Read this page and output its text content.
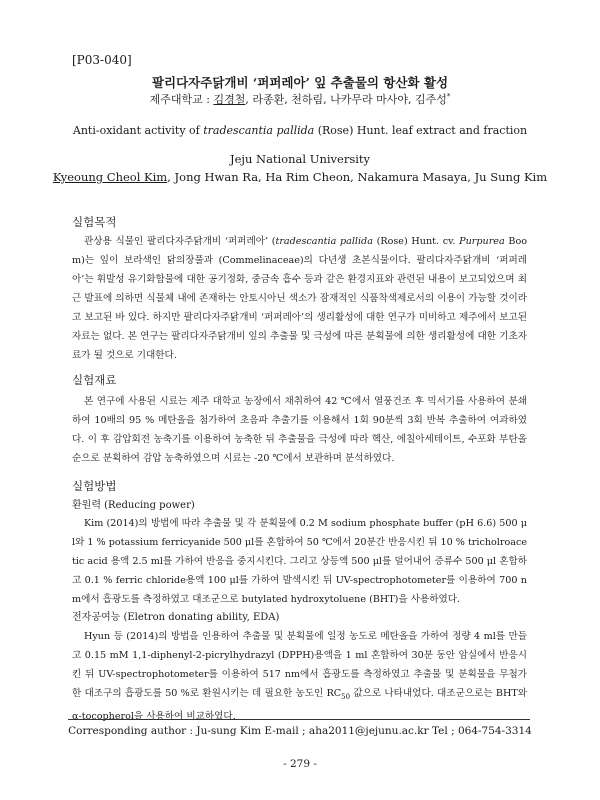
[P03-040]
팔리다자주닭개비 ‘퍼퍼레아’ 잎 추출물의 항산화 활성
제주대학교 : 김경철, 라종환, 천하림, 나카무라 마사야, 김주성*
Anti-oxidant activity of tradescantia pallida (Rose) Hunt. leaf extract and fraction
Jeju National University
Kyeoung Cheol Kim, Jong Hwan Ra, Ha Rim Cheon, Nakamura Masaya, Ju Sung Kim
실험목적
관상용 식물인 팔리다자주닭개비 ‘퍼퍼레아’ (tradescantia pallida (Rose) Hunt. cv. Purpurea Boom)는 잎이 보라색인 닭의장풀과 (Commelinaceae)의 다년생 초본식물이다. 팔리다자주닭개비 ‘퍼퍼레아’는 휘발성 유기화합물에 대한 공기정화, 중금속 흡수 등과 같은 환경지표와 관련된 내용이 보고되었으며 최근 발표에 의하면 식물체 내에 존재하는 안토시아닌 색소가 잠재적인 식품착색제로서의 이용이 가능할 것이라고 보고된 바 있다. 하지만 팔리다자주닭개비 ‘퍼퍼레아’의 생리활성에 대한 연구가 미비하고 제주에서 보고된 자료는 없다. 본 연구는 팔리다자주닭개비 잎의 추출물 및 극성에 따른 분획물에 의한 생리활성에 대한 기초자료가 될 것으로 기대한다.
실험재료
본 연구에 사용된 시료는 제주 대학교 농장에서 채취하여 42 ℃에서 열풍건조 후 믹서기를 사용하여 분쇄하여 10배의 95 % 메탄올을 첨가하여 초음파 추출기를 이용해서 1회 90분씩 3회 반복 추출하여 여과하였다. 이 후 감압회전 농축기를 이용하여 농축한 뒤 추출물을 극성에 따라 헥산, 에칠아세테이트, 수포화 부탄올 순으로 분획하여 감압 농축하였으며 시료는 -20 ℃에서 보관하며 분석하였다.
실험방법
환원력 (Reducing power)
Kim (2014)의 방법에 따라 추출물 및 각 분획물에 0.2 M sodium phosphate buffer (pH 6.6) 500 μl와 1 % potassium ferricyanide 500 μl를 혼합하여 50 ℃에서 20분간 반응시킨 뒤 10 % tricholroacetic acid 용액 2.5 ml를 가하여 반응을 중지시킨다. 그리고 상등액 500 μl를 덜어내어 증류수 500 μl 혼합하고 0.1 % ferric chloride용액 100 μl를 가하여 발색시킨 뒤 UV-spectrophotometer를 이용하여 700 nm에서 흡광도를 측정하였고 대조군으로 butylated hydroxytoluene (BHT)을 사용하였다.
전자공여능 (Eletron donating ability, EDA)
Hyun 등 (2014)의 방법을 인용하여 추출물 및 분획물에 일정 농도로 메탄올을 가하여 정량 4 ml를 만들고 0.15 mM 1,1-diphenyl-2-picrylhydrazyl (DPPH)용액을 1 ml 혼합하여 30분 동안 암실에서 반응시킨 뒤 UV-spectrophotometer를 이용하여 517 nm에서 흡광도를 측정하였고 추출물 및 분획물을 무첨가한 대조구의 흡광도를 50 %로 환원시키는 데 필요한 농도인 $RC_{50}$ 값으로 나타내었다. 대조군으로는 BHT와 α-tocopherol을 사용하여 비교하였다.
Corresponding author : Ju-sung Kim E-mail ; aha2011@jejunu.ac.kr Tel ; 064-754-3314
- 279 -
